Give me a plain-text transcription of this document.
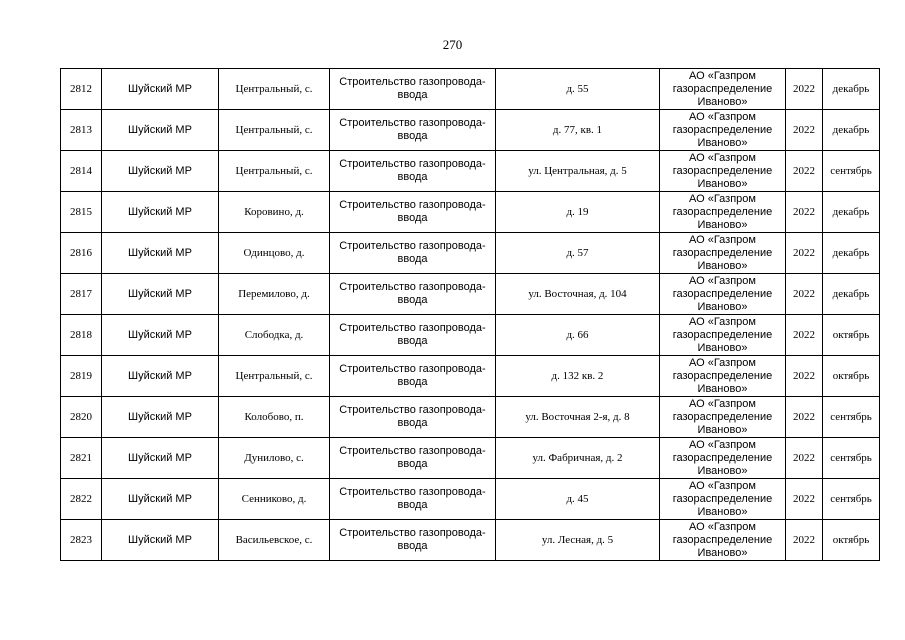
270
2812	Шуйский МР	Центральный, с.	Строительство газопровода-ввода	д. 55	АО «Газпром газораспределение Иваново»	2022	декабрь
2813	Шуйский МР	Центральный, с.	Строительство газопровода-ввода	д. 77, кв. 1	АО «Газпром газораспределение Иваново»	2022	декабрь
2814	Шуйский МР	Центральный, с.	Строительство газопровода-ввода	ул. Центральная, д. 5	АО «Газпром газораспределение Иваново»	2022	сентябрь
2815	Шуйский МР	Коровино, д.	Строительство газопровода-ввода	д. 19	АО «Газпром газораспределение Иваново»	2022	декабрь
2816	Шуйский МР	Одинцово, д.	Строительство газопровода-ввода	д. 57	АО «Газпром газораспределение Иваново»	2022	декабрь
2817	Шуйский МР	Перемилово, д.	Строительство газопровода-ввода	ул. Восточная, д. 104	АО «Газпром газораспределение Иваново»	2022	декабрь
2818	Шуйский МР	Слободка, д.	Строительство газопровода-ввода	д. 66	АО «Газпром газораспределение Иваново»	2022	октябрь
2819	Шуйский МР	Центральный, с.	Строительство газопровода-ввода	д. 132 кв. 2	АО «Газпром газораспределение Иваново»	2022	октябрь
2820	Шуйский МР	Колобово, п.	Строительство газопровода-ввода	ул. Восточная 2-я, д. 8	АО «Газпром газораспределение Иваново»	2022	сентябрь
2821	Шуйский МР	Дунилово, с.	Строительство газопровода-ввода	ул. Фабричная, д. 2	АО «Газпром газораспределение Иваново»	2022	сентябрь
2822	Шуйский МР	Сенниково, д.	Строительство газопровода-ввода	д. 45	АО «Газпром газораспределение Иваново»	2022	сентябрь
2823	Шуйский МР	Васильевское, с.	Строительство газопровода-ввода	ул. Лесная, д. 5	АО «Газпром газораспределение Иваново»	2022	октябрь
